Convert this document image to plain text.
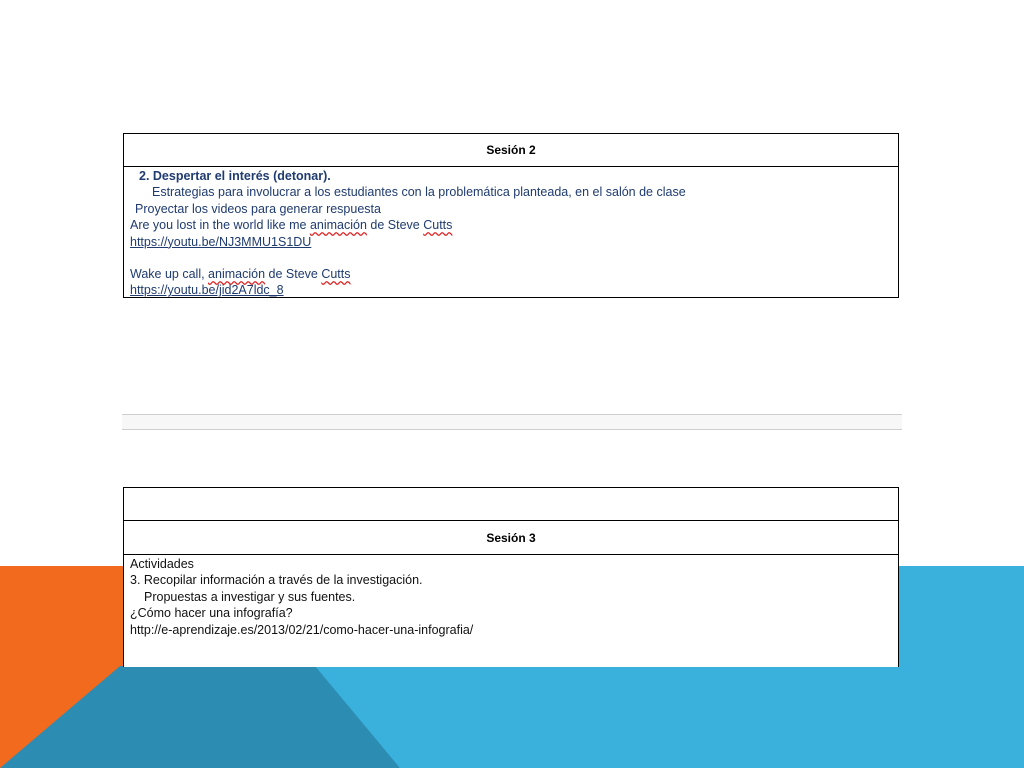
Sesión 2
2. Despertar el interés (detonar).
Estrategias para involucrar a los estudiantes con la problemática planteada, en el salón de clase
Proyectar los videos para generar respuesta
Are you lost in the world like me animación de Steve Cutts
https://youtu.be/NJ3MMU1S1DU
Wake up call, animación de Steve Cutts
https://youtu.be/jid2A7ldc_8
Sesión 3
Actividades
3. Recopilar información a través de la investigación.
Propuestas a investigar y sus fuentes.
¿Cómo hacer una infografía?
http://e-aprendizaje.es/2013/02/21/como-hacer-una-infografia/
